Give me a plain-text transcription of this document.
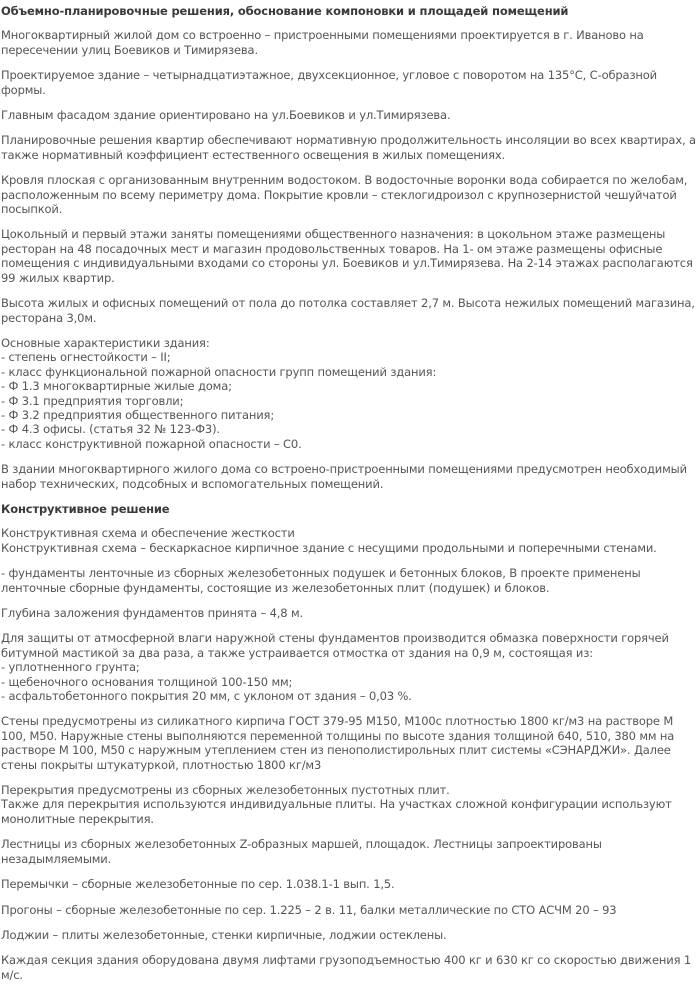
Объемно-планировочные решения, обоснование компоновки и площадей помещений
Многоквартирный жилой дом со встроенно – пристроенными помещениями проектируется в г. Иваново на пересечении улиц Боевиков и Тимирязева.
Проектируемое здание – четырнадцатиэтажное, двухсекционное, угловое с поворотом на 135°С, С-образной формы.
Главным фасадом здание ориентировано на ул.Боевиков и ул.Тимирязева.
Планировочные решения квартир обеспечивают нормативную продолжительность инсоляции во всех квартирах, а также нормативный коэффициент естественного освещения в жилых помещениях.
Кровля плоская с организованным внутренним водостоком. В водосточные воронки вода собирается по желобам, расположенным по всему периметру дома. Покрытие кровли – стеклогидроизол с крупнозернистой чешуйчатой посыпкой.
Цокольный и первый этажи заняты помещениями общественного назначения: в цокольном этаже размещены ресторан на 48 посадочных мест и магазин продовольственных товаров. На 1- ом этаже размещены офисные помещения с индивидуальными входами со стороны ул. Боевиков и ул.Тимирязева. На 2-14 этажах располагаются 99 жилых квартир.
Высота жилых и офисных помещений от пола до потолка составляет 2,7 м. Высота нежилых помещений магазина, ресторана 3,0м.
Основные характеристики здания:
- степень огнестойкости – II;
- класс функциональной пожарной опасности групп помещений здания:
- Ф 1.3 многоквартирные жилые дома;
- Ф 3.1 предприятия торговли;
- Ф 3.2 предприятия общественного питания;
- Ф 4.3 офисы. (статья 32 № 123-Ф3).
- класс конструктивной пожарной опасности – С0.
В здании многоквартирного жилого дома со встроено-пристроенными помещениями предусмотрен необходимый набор технических, подсобных и вспомогательных помещений.
Конструктивное решение
Конструктивная схема и обеспечение жесткости
Конструктивная схема – бескаркасное кирпичное здание с несущими продольными и поперечными стенами.
- фундаменты ленточные из сборных железобетонных подушек и бетонных блоков, В проекте применены ленточные сборные фундаменты, состоящие из железобетонных плит (подушек) и блоков.
Глубина заложения фундаментов принята – 4,8 м.
Для защиты от атмосферной влаги наружной стены фундаментов производится обмазка поверхности горячей битумной мастикой за два раза, а также устраивается отмостка от здания на 0,9 м, состоящая из:
- уплотненного грунта;
- щебеночного основания толщиной 100-150 мм;
- асфальтобетонного покрытия 20 мм, с уклоном от здания – 0,03 %.
Стены предусмотрены из силикатного кирпича ГОСТ 379-95 М150, М100с плотностью 1800 кг/м3 на растворе М 100, М50. Наружные стены выполняются переменной толщины по высоте здания толщиной 640, 510, 380 мм на растворе М 100, М50 с наружным утеплением стен из пенополистирольных плит системы «СЭНАРДЖИ». Далее стены покрыты штукатуркой, плотностью 1800 кг/м3
Перекрытия предусмотрены из сборных железобетонных пустотных плит.
Также для перекрытия используются индивидуальные плиты. На участках сложной конфигурации используют монолитные перекрытия.
Лестницы из сборных железобетонных Z-образных маршей, площадок. Лестницы запроектированы незадымляемыми.
Перемычки – сборные железобетонные по сер. 1.038.1-1 вып. 1,5.
Прогоны – сборные железобетонные по сер. 1.225 – 2 в. 11, балки металлические по СТО АСЧМ 20 – 93
Лоджии – плиты железобетонные, стенки кирпичные, лоджии остеклены.
Каждая секция здания оборудована двумя лифтами грузоподъемностью 400 кг и 630 кг со скоростью движения 1 м/с.
